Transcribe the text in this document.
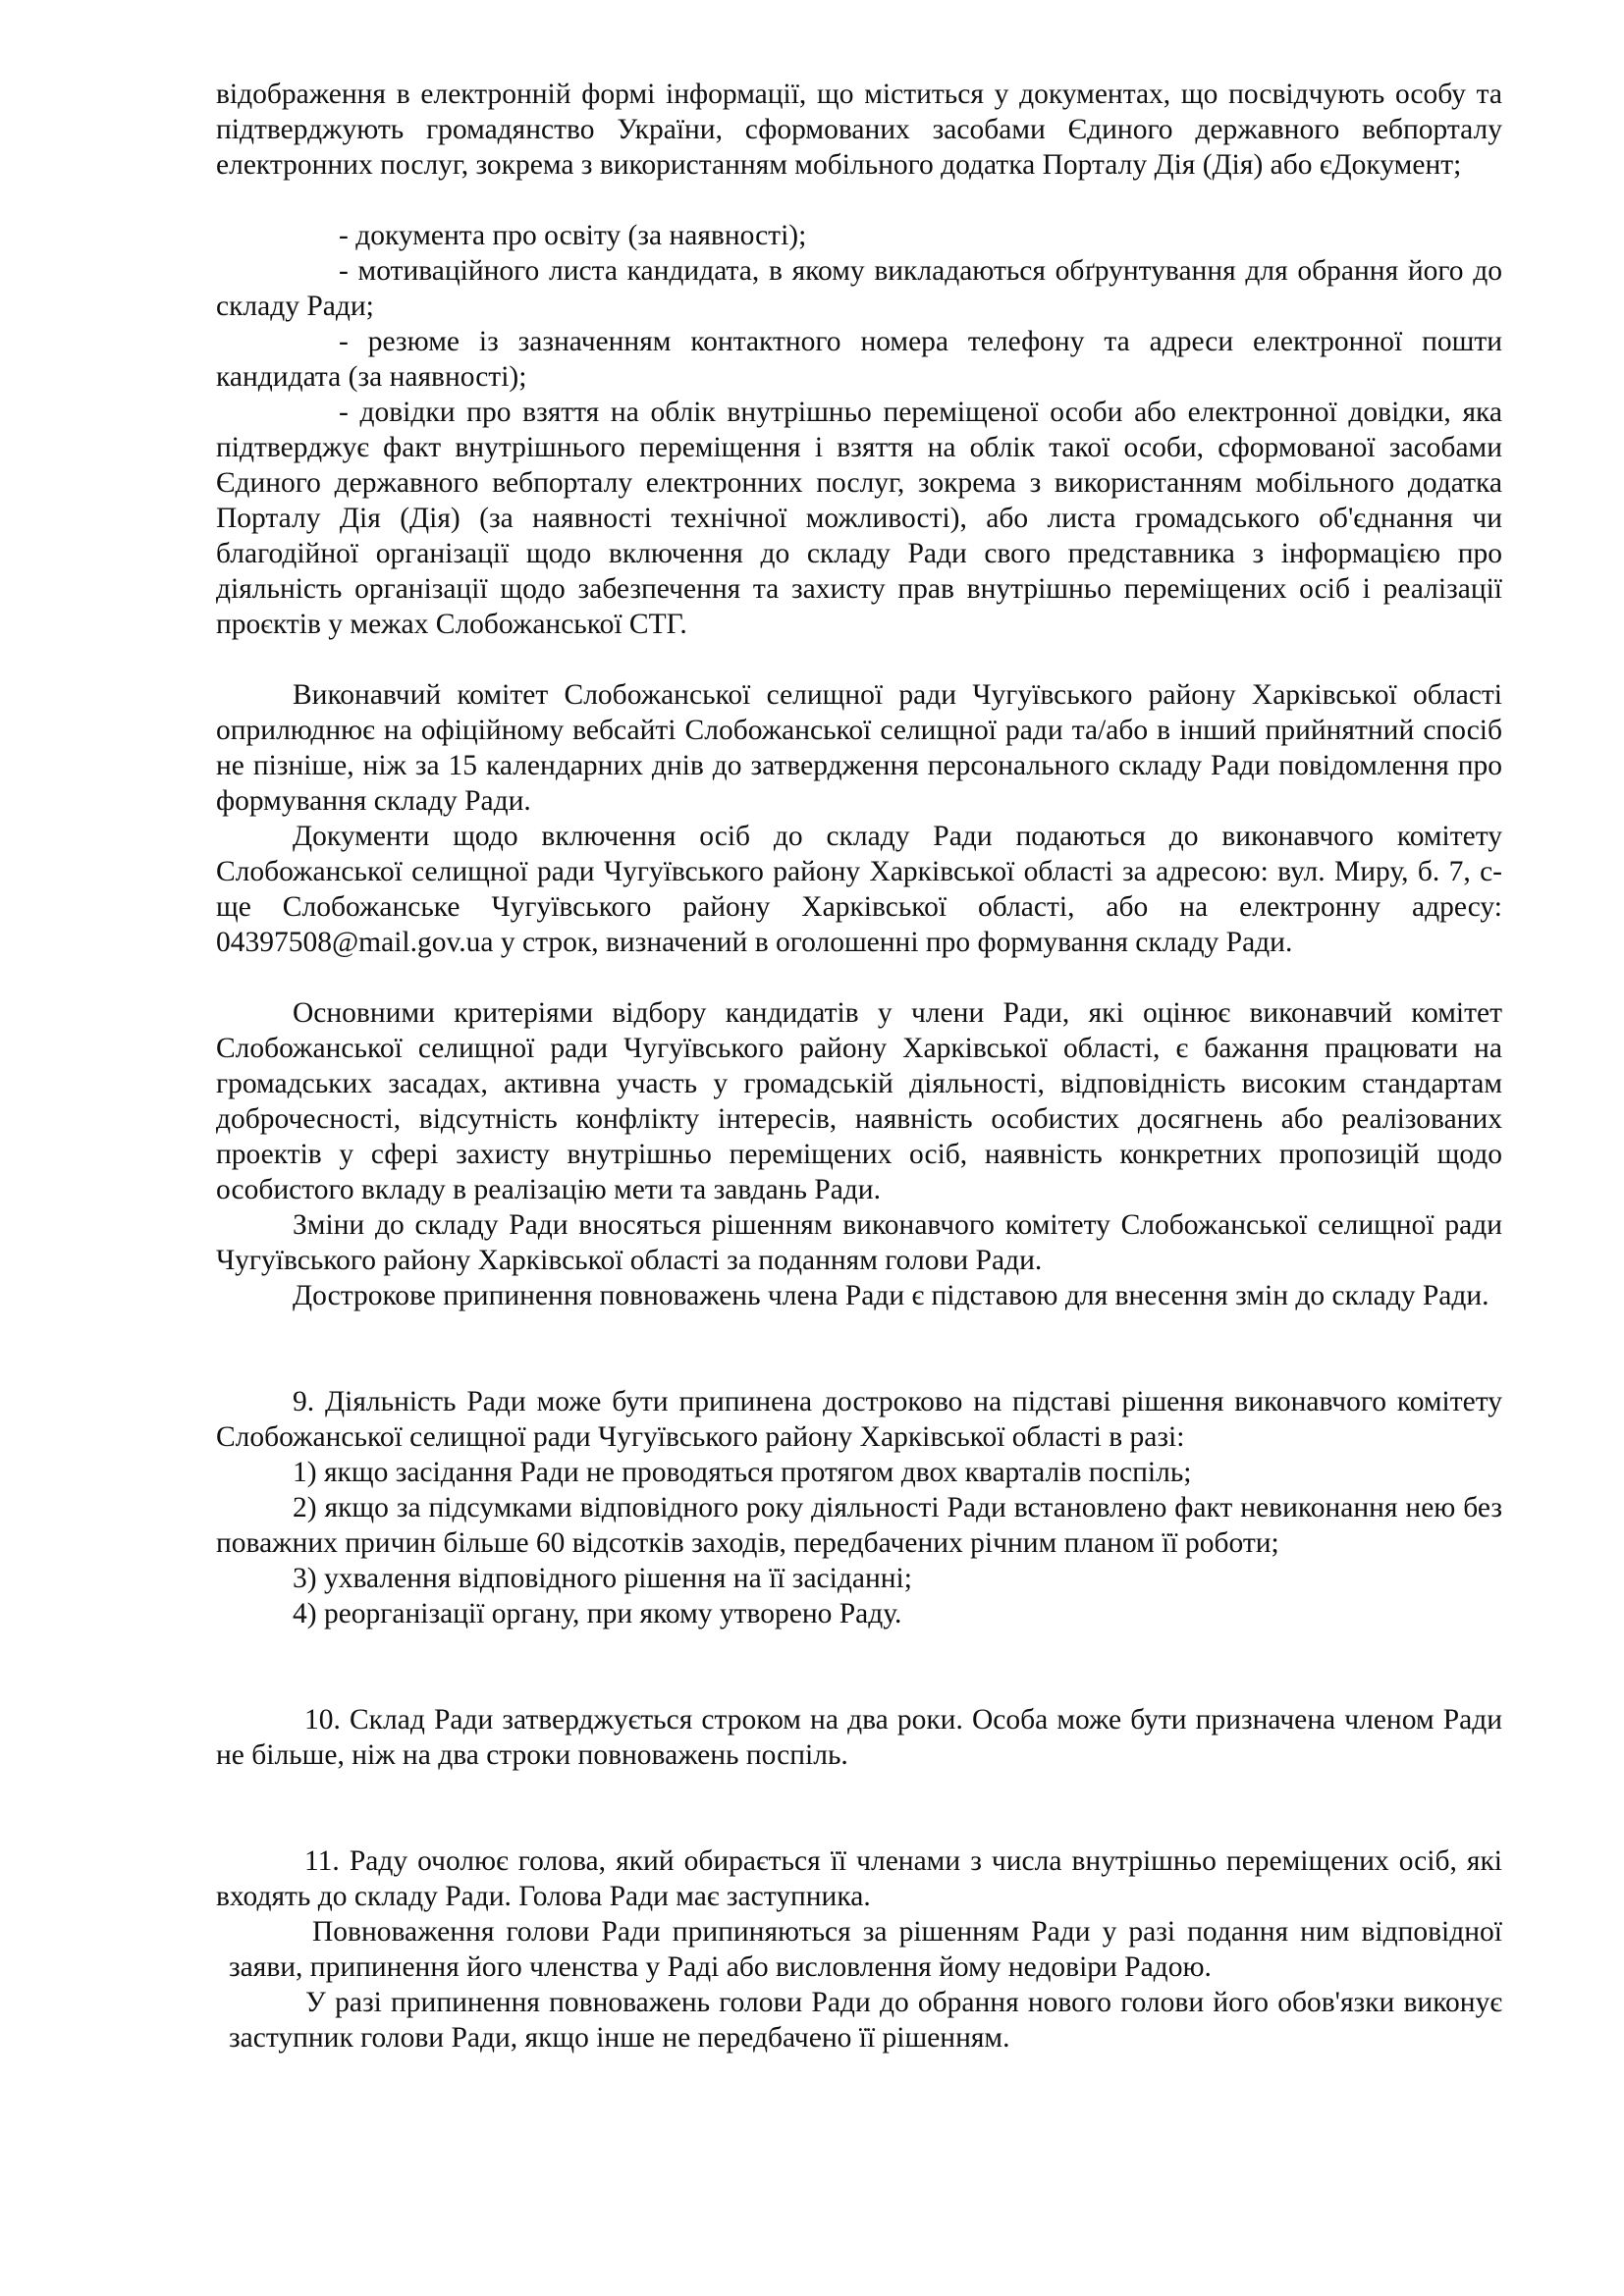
відображення в електронній формі інформації, що міститься у документах, що посвідчують особу та підтверджують громадянство України, сформованих засобами Єдиного державного вебпорталу електронних послуг, зокрема з використанням мобільного додатка Порталу Дія (Дія) або єДокумент;

- документа про освіту (за наявності);

- мотиваційного листа кандидата, в якому викладаються обґрунтування для обрання його до складу Ради;

- резюме із зазначенням контактного номера телефону та адреси електронної пошти кандидата (за наявності);

- довідки про взяття на облік внутрішньо переміщеної особи або електронної довідки, яка підтверджує факт внутрішнього переміщення і взяття на облік такої особи, сформованої засобами Єдиного державного вебпорталу електронних послуг, зокрема з використанням мобільного додатка Порталу Дія (Дія) (за наявності технічної можливості), або листа громадського об'єднання чи благодійної організації щодо включення до складу Ради свого представника з інформацією про діяльність організації щодо забезпечення та захисту прав внутрішньо переміщених осіб і реалізації проєктів у межах Слобожанської СТГ.

Виконавчий комітет Слобожанської селищної ради Чугуївського району Харківської області оприлюднює на офіційному вебсайті Слобожанської селищної ради та/або в інший прийнятний спосіб не пізніше, ніж за 15 календарних днів до затвердження персонального складу Ради повідомлення про формування складу Ради.

Документи щодо включення осіб до складу Ради подаються до виконавчого комітету Слобожанської селищної ради Чугуївського району Харківської області за адресою: вул. Миру, б. 7, с-ще Слобожанське Чугуївського району Харківської області, або на електронну адресу: 04397508@mail.gov.ua у строк, визначений в оголошенні про формування складу Ради.

Основними критеріями відбору кандидатів у члени Ради, які оцінює виконавчий комітет Слобожанської селищної ради Чугуївського району Харківської області, є бажання працювати на громадських засадах, активна участь у громадській діяльності, відповідність високим стандартам доброчесності, відсутність конфлікту інтересів, наявність особистих досягнень або реалізованих проектів у сфері захисту внутрішньо переміщених осіб, наявність конкретних пропозицій щодо особистого вкладу в реалізацію мети та завдань Ради.

Зміни до складу Ради вносяться рішенням виконавчого комітету Слобожанської селищної ради Чугуївського району Харківської області за поданням голови Ради.

Дострокове припинення повноважень члена Ради є підставою для внесення змін до складу Ради.

9. Діяльність Ради може бути припинена достроково на підставі рішення виконавчого комітету Слобожанської селищної ради Чугуївського району Харківської області в разі:

1) якщо засідання Ради не проводяться протягом двох кварталів поспіль;

2) якщо за підсумками відповідного року діяльності Ради встановлено факт невиконання нею без поважних причин більше 60 відсотків заходів, передбачених річним планом її роботи;

3) ухвалення відповідного рішення на її засіданні;

4) реорганізації органу, при якому утворено Раду.

10. Склад Ради затверджується строком на два роки. Особа може бути призначена членом Ради не більше, ніж на два строки повноважень поспіль.

11. Раду очолює голова, який обирається її членами з числа внутрішньо переміщених осіб, які входять до складу Ради. Голова Ради має заступника.

Повноваження голови Ради припиняються за рішенням Ради у разі подання ним відповідної заяви, припинення його членства у Раді або висловлення йому недовіри Радою.

У разі припинення повноважень голови Ради до обрання нового голови його обов'язки виконує заступник голови Ради, якщо інше не передбачено її рішенням.
